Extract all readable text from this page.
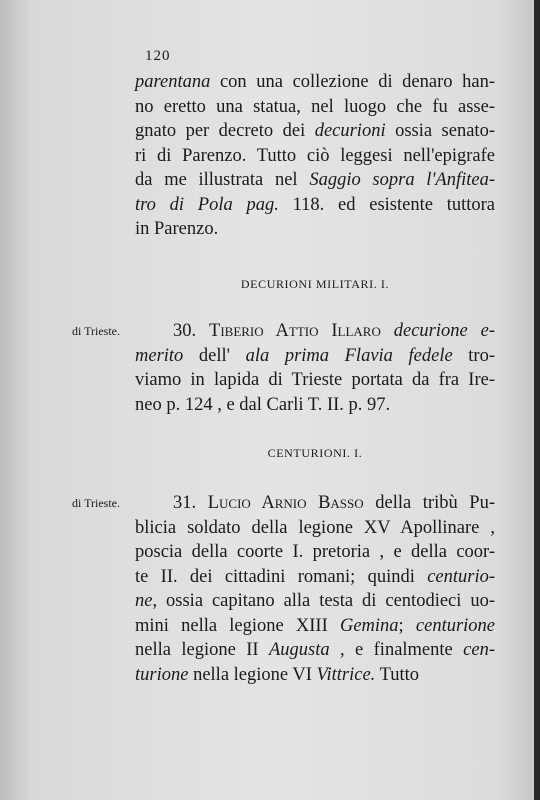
120
parentana con una collezione di denaro han-
no eretto una statua, nel luogo che fu asse-
gnato per decreto dei decurioni ossia senato-
ri di Parenzo. Tutto ciò leggesi nell'epigrafe
da me illustrata nel Saggio sopra l'Anfitea-
tro di Pola pag. 118. ed esistente tuttora
in Parenzo.
DECURIONI MILITARI. I.
di Trieste.	30. Tiberio Attio Illaro decurione e-
merito dell' ala prima Flavia fedele tro-
viamo in lapida di Trieste portata da fra Ire-
neo p. 124 , e dal Carli T. II. p. 97.
CENTURIONI. I.
di Trieste.	31. Lucio Arnio Basso della tribù Pu-
blicia soldato della legione XV Apollinare ,
poscia della coorte I. pretoria , e della coor-
te II. dei cittadini romani; quindi centurio-
ne, ossia capitano alla testa di centodieci uo-
mini nella legione XIII Gemina; centurione
nella legione II Augusta , e finalmente cen-
turione nella legione VI Vittrice. Tutto
